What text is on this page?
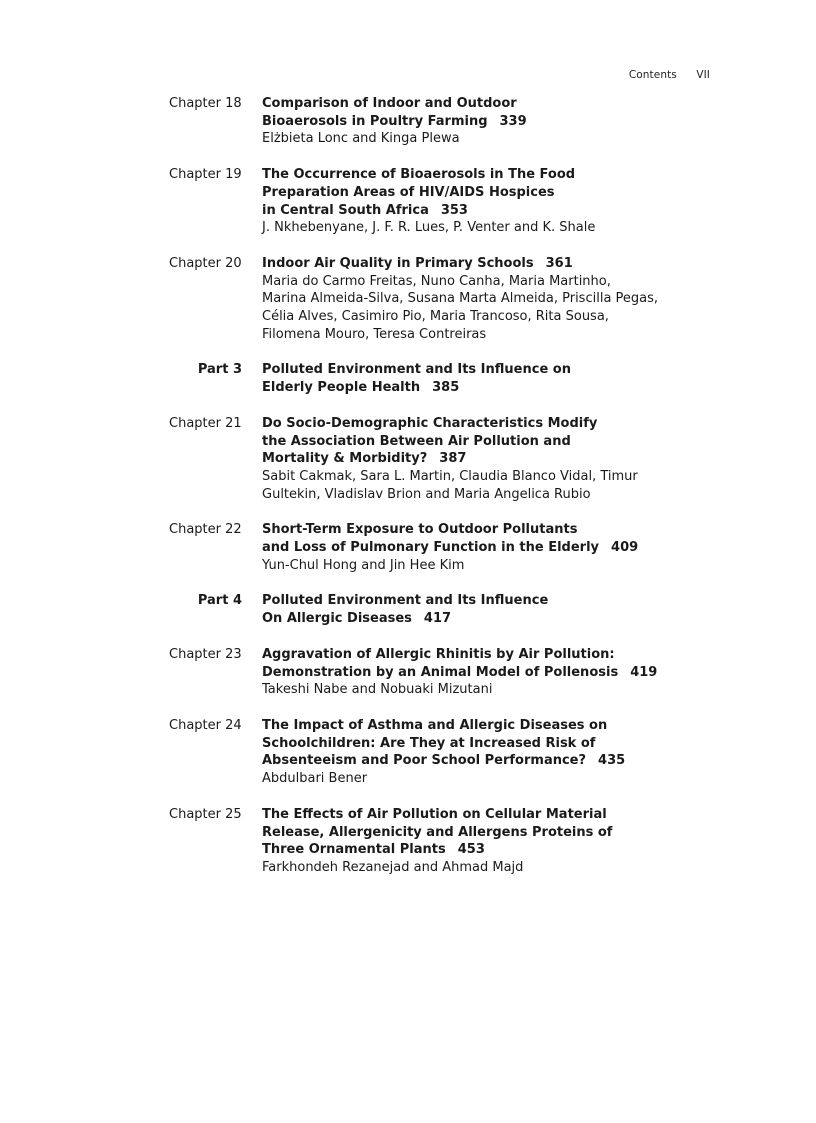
Contents VII
Chapter 18	Comparison of Indoor and Outdoor
Bioaerosols in Poultry Farming 339
Elżbieta Lonc and Kinga Plewa
Chapter 19	The Occurrence of Bioaerosols in The Food
Preparation Areas of HIV/AIDS Hospices
in Central South Africa 353
J. Nkhebenyane, J. F. R. Lues, P. Venter and K. Shale
Chapter 20	Indoor Air Quality in Primary Schools 361
Maria do Carmo Freitas, Nuno Canha, Maria Martinho,
Marina Almeida-Silva, Susana Marta Almeida, Priscilla Pegas,
Célia Alves, Casimiro Pio, Maria Trancoso, Rita Sousa,
Filomena Mouro, Teresa Contreiras
Part 3 Polluted Environment and Its Influence on
Elderly People Health 385
Chapter 21	Do Socio-Demographic Characteristics Modify
the Association Between Air Pollution and
Mortality & Morbidity? 387
Sabit Cakmak, Sara L. Martin, Claudia Blanco Vidal, Timur
Gultekin, Vladislav Brion and Maria Angelica Rubio
Chapter 22	Short-Term Exposure to Outdoor Pollutants
and Loss of Pulmonary Function in the Elderly 409
Yun-Chul Hong and Jin Hee Kim
Part 4 Polluted Environment and Its Influence
On Allergic Diseases 417
Chapter 23	Aggravation of Allergic Rhinitis by Air Pollution:
Demonstration by an Animal Model of Pollenosis 419
Takeshi Nabe and Nobuaki Mizutani
Chapter 24	The Impact of Asthma and Allergic Diseases on
Schoolchildren: Are They at Increased Risk of
Absenteeism and Poor School Performance? 435
Abdulbari Bener
Chapter 25	The Effects of Air Pollution on Cellular Material
Release, Allergenicity and Allergens Proteins of
Three Ornamental Plants 453
Farkhondeh Rezanejad and Ahmad Majd
